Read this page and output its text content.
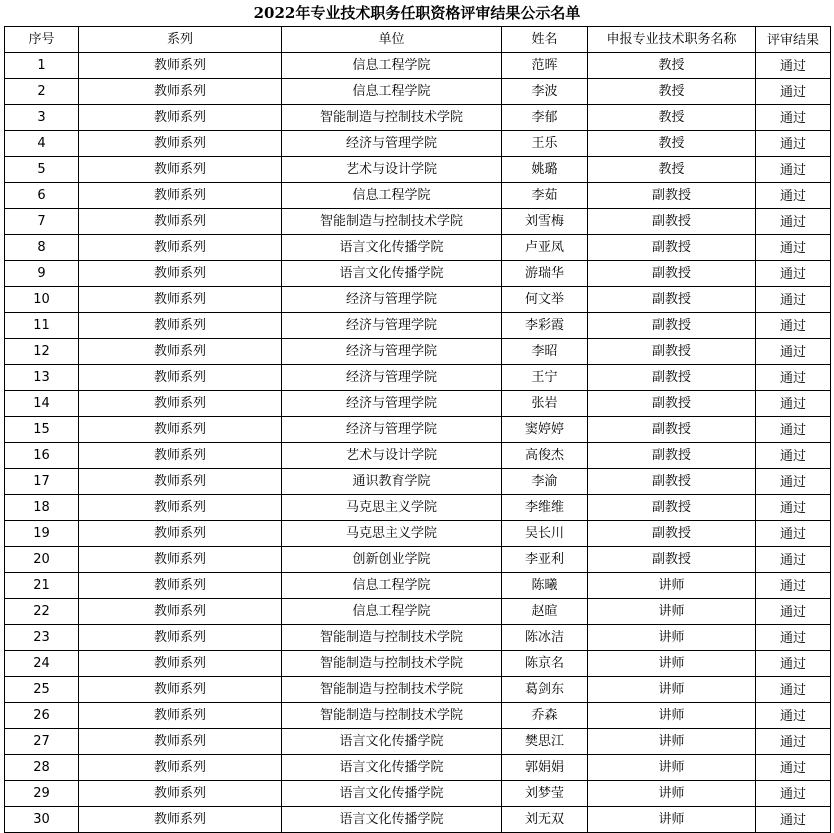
2022年专业技术职务任职资格评审结果公示名单
序号	系列	单位	姓名	申报专业技术职务名称	评审结果
1	教师系列	信息工程学院	范晖	教授	通过
2	教师系列	信息工程学院	李波	教授	通过
3	教师系列	智能制造与控制技术学院	李郁	教授	通过
4	教师系列	经济与管理学院	王乐	教授	通过
5	教师系列	艺术与设计学院	姚璐	教授	通过
6	教师系列	信息工程学院	李茹	副教授	通过
7	教师系列	智能制造与控制技术学院	刘雪梅	副教授	通过
8	教师系列	语言文化传播学院	卢亚凤	副教授	通过
9	教师系列	语言文化传播学院	游瑞华	副教授	通过
10	教师系列	经济与管理学院	何文举	副教授	通过
11	教师系列	经济与管理学院	李彩霞	副教授	通过
12	教师系列	经济与管理学院	李昭	副教授	通过
13	教师系列	经济与管理学院	王宁	副教授	通过
14	教师系列	经济与管理学院	张岩	副教授	通过
15	教师系列	经济与管理学院	窦婷婷	副教授	通过
16	教师系列	艺术与设计学院	高俊杰	副教授	通过
17	教师系列	通识教育学院	李渝	副教授	通过
18	教师系列	马克思主义学院	李维维	副教授	通过
19	教师系列	马克思主义学院	吴长川	副教授	通过
20	教师系列	创新创业学院	李亚利	副教授	通过
21	教师系列	信息工程学院	陈曦	讲师	通过
22	教师系列	信息工程学院	赵暄	讲师	通过
23	教师系列	智能制造与控制技术学院	陈冰洁	讲师	通过
24	教师系列	智能制造与控制技术学院	陈京名	讲师	通过
25	教师系列	智能制造与控制技术学院	葛剑东	讲师	通过
26	教师系列	智能制造与控制技术学院	乔森	讲师	通过
27	教师系列	语言文化传播学院	樊思江	讲师	通过
28	教师系列	语言文化传播学院	郭娟娟	讲师	通过
29	教师系列	语言文化传播学院	刘梦莹	讲师	通过
30	教师系列	语言文化传播学院	刘无双	讲师	通过
